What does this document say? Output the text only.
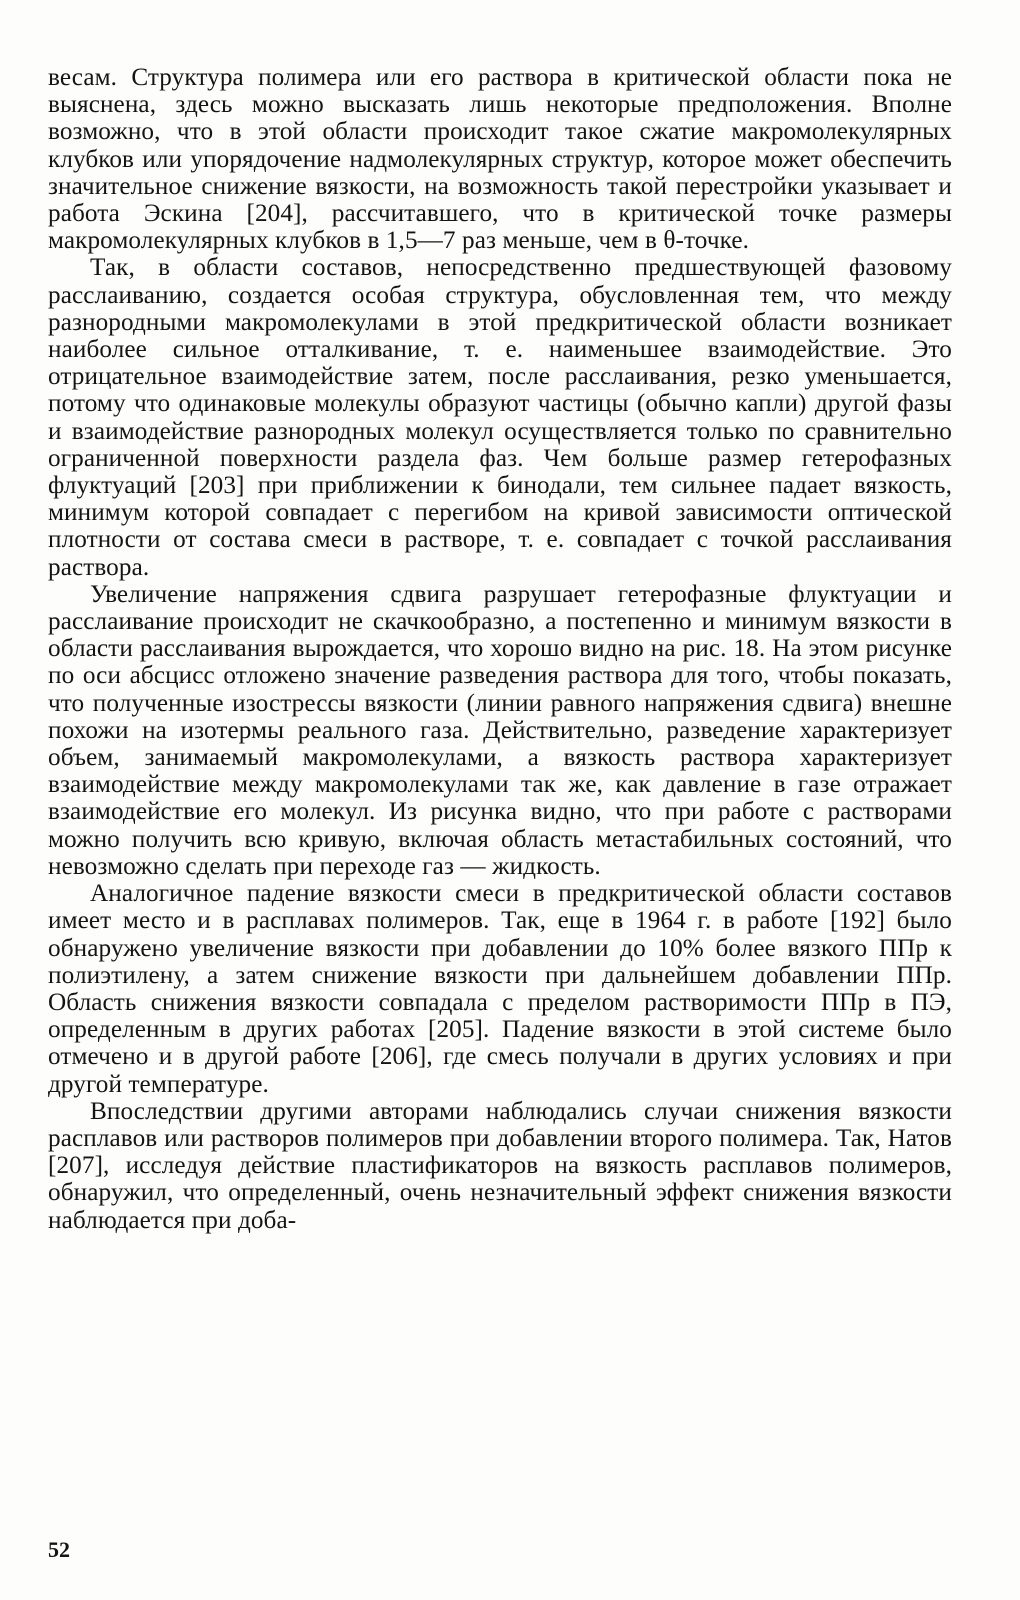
весам. Структура полимера или его раствора в критической области пока не выяснена, здесь можно высказать лишь некоторые предположения. Вполне возможно, что в этой области происходит такое сжатие макромолекулярных клубков или упорядочение надмолекулярных структур, которое может обеспечить значительное снижение вязкости, на возможность такой перестройки указывает и работа Эскина [204], рассчитавшего, что в критической точке размеры макромолекулярных клубков в 1,5—7 раз меньше, чем в θ-точке.

Так, в области составов, непосредственно предшествующей фазовому расслаиванию, создается особая структура, обусловленная тем, что между разнородными макромолекулами в этой предкритической области возникает наиболее сильное отталкивание, т. е. наименьшее взаимодействие. Это отрицательное взаимодействие затем, после расслаивания, резко уменьшается, потому что одинаковые молекулы образуют частицы (обычно капли) другой фазы и взаимодействие разнородных молекул осуществляется только по сравнительно ограниченной поверхности раздела фаз. Чем больше размер гетерофазных флуктуаций [203] при приближении к бинодали, тем сильнее падает вязкость, минимум которой совпадает с перегибом на кривой зависимости оптической плотности от состава смеси в растворе, т. е. совпадает с точкой расслаивания раствора.

Увеличение напряжения сдвига разрушает гетерофазные флуктуации и расслаивание происходит не скачкообразно, а постепенно и минимум вязкости в области расслаивания вырождается, что хорошо видно на рис. 18. На этом рисунке по оси абсцисс отложено значение разведения раствора для того, чтобы показать, что полученные изостресcы вязкости (линии равного напряжения сдвига) внешне похожи на изотермы реального газа. Действительно, разведение характеризует объем, занимаемый макромолекулами, а вязкость раствора характеризует взаимодействие между макромолекулами так же, как давление в газе отражает взаимодействие его молекул. Из рисунка видно, что при работе с растворами можно получить всю кривую, включая область метастабильных состояний, что невозможно сделать при переходе газ — жидкость.

Аналогичное падение вязкости смеси в предкритической области составов имеет место и в расплавах полимеров. Так, еще в 1964 г. в работе [192] было обнаружено увеличение вязкости при добавлении до 10% более вязкого ППр к полиэтилену, а затем снижение вязкости при дальнейшем добавлении ППр. Область снижения вязкости совпадала с пределом растворимости ППр в ПЭ, определенным в других работах [205]. Падение вязкости в этой системе было отмечено и в другой работе [206], где смесь получали в других условиях и при другой температуре.

Впоследствии другими авторами наблюдались случаи снижения вязкости расплавов или растворов полимеров при добавлении второго полимера. Так, Натов [207], исследуя действие пластификаторов на вязкость расплавов полимеров, обнаружил, что определенный, очень незначительный эффект снижения вязкости наблюдается при доба-

52
